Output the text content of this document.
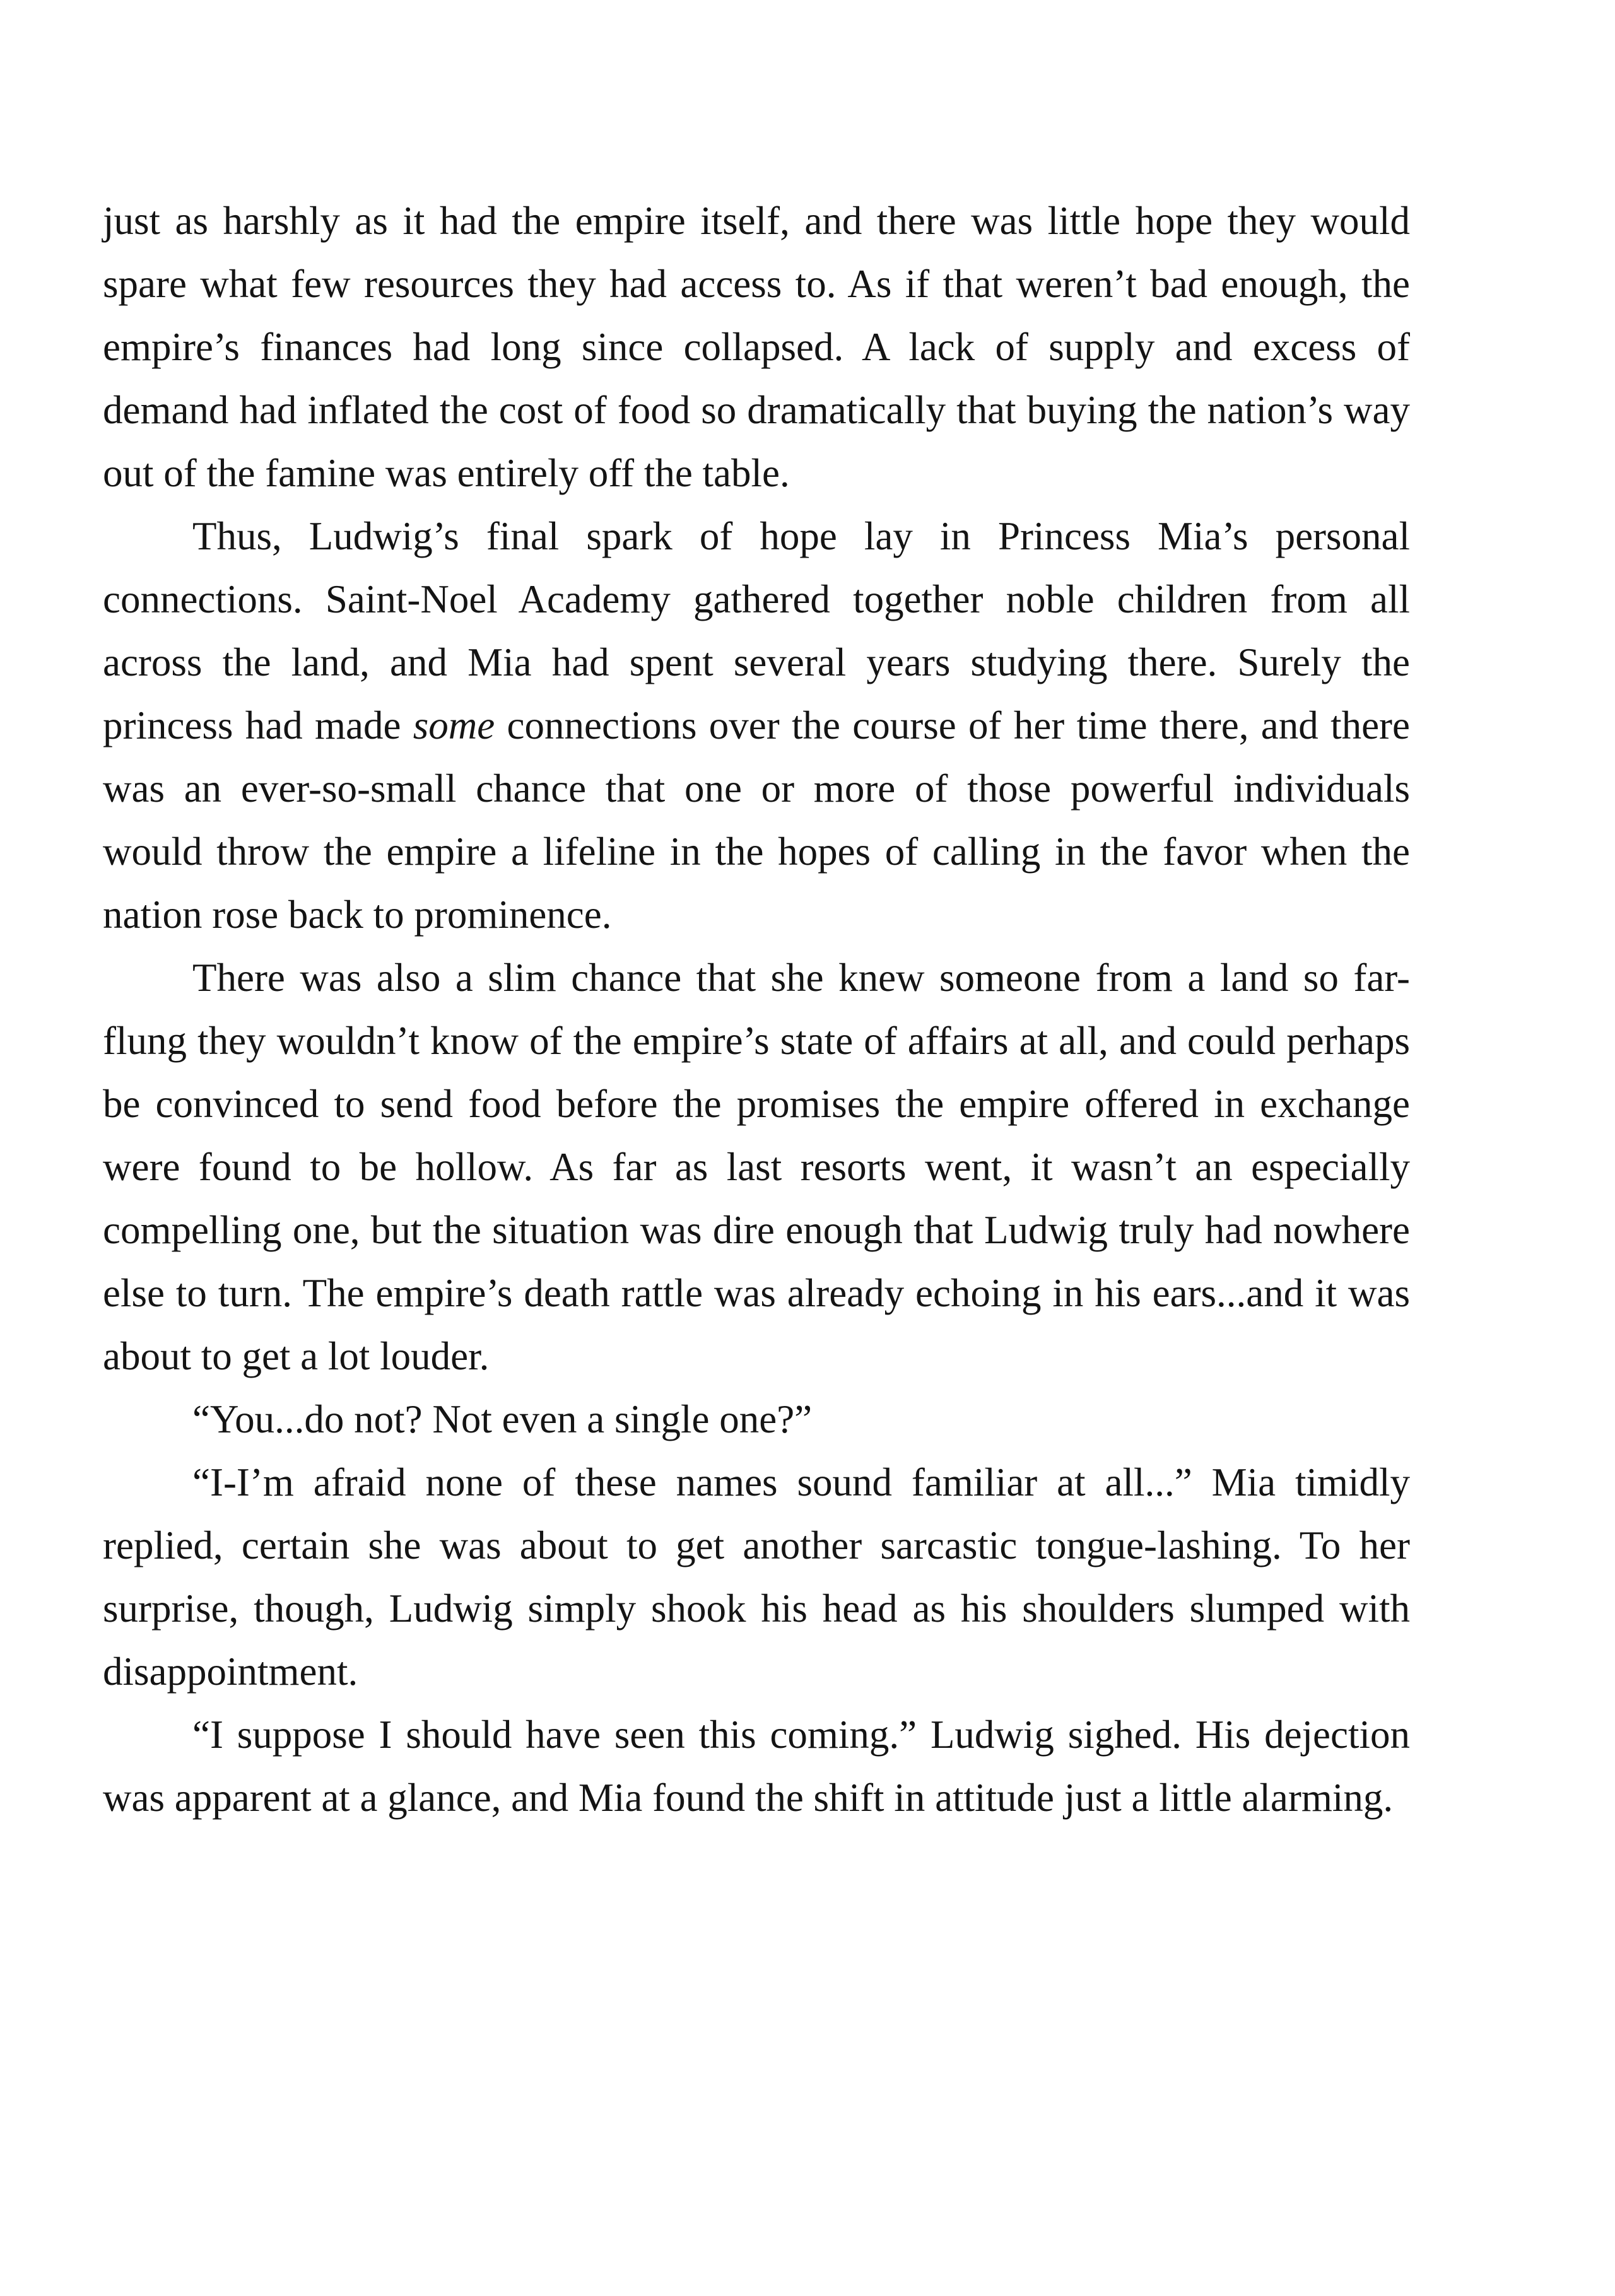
just as harshly as it had the empire itself, and there was little hope they would spare what few resources they had access to. As if that weren’t bad enough, the empire’s finances had long since collapsed. A lack of supply and excess of demand had inflated the cost of food so dramatically that buying the nation’s way out of the famine was entirely off the table.

Thus, Ludwig’s final spark of hope lay in Princess Mia’s personal connections. Saint-Noel Academy gathered together noble children from all across the land, and Mia had spent several years studying there. Surely the princess had made some connections over the course of her time there, and there was an ever-so-small chance that one or more of those powerful individuals would throw the empire a lifeline in the hopes of calling in the favor when the nation rose back to prominence.

There was also a slim chance that she knew someone from a land so far-flung they wouldn’t know of the empire’s state of affairs at all, and could perhaps be convinced to send food before the promises the empire offered in exchange were found to be hollow. As far as last resorts went, it wasn’t an especially compelling one, but the situation was dire enough that Ludwig truly had nowhere else to turn. The empire’s death rattle was already echoing in his ears...and it was about to get a lot louder.

“You...do not? Not even a single one?”

“I-I’m afraid none of these names sound familiar at all...” Mia timidly replied, certain she was about to get another sarcastic tongue-lashing. To her surprise, though, Ludwig simply shook his head as his shoulders slumped with disappointment.

“I suppose I should have seen this coming.” Ludwig sighed. His dejection was apparent at a glance, and Mia found the shift in attitude just a little alarming.
